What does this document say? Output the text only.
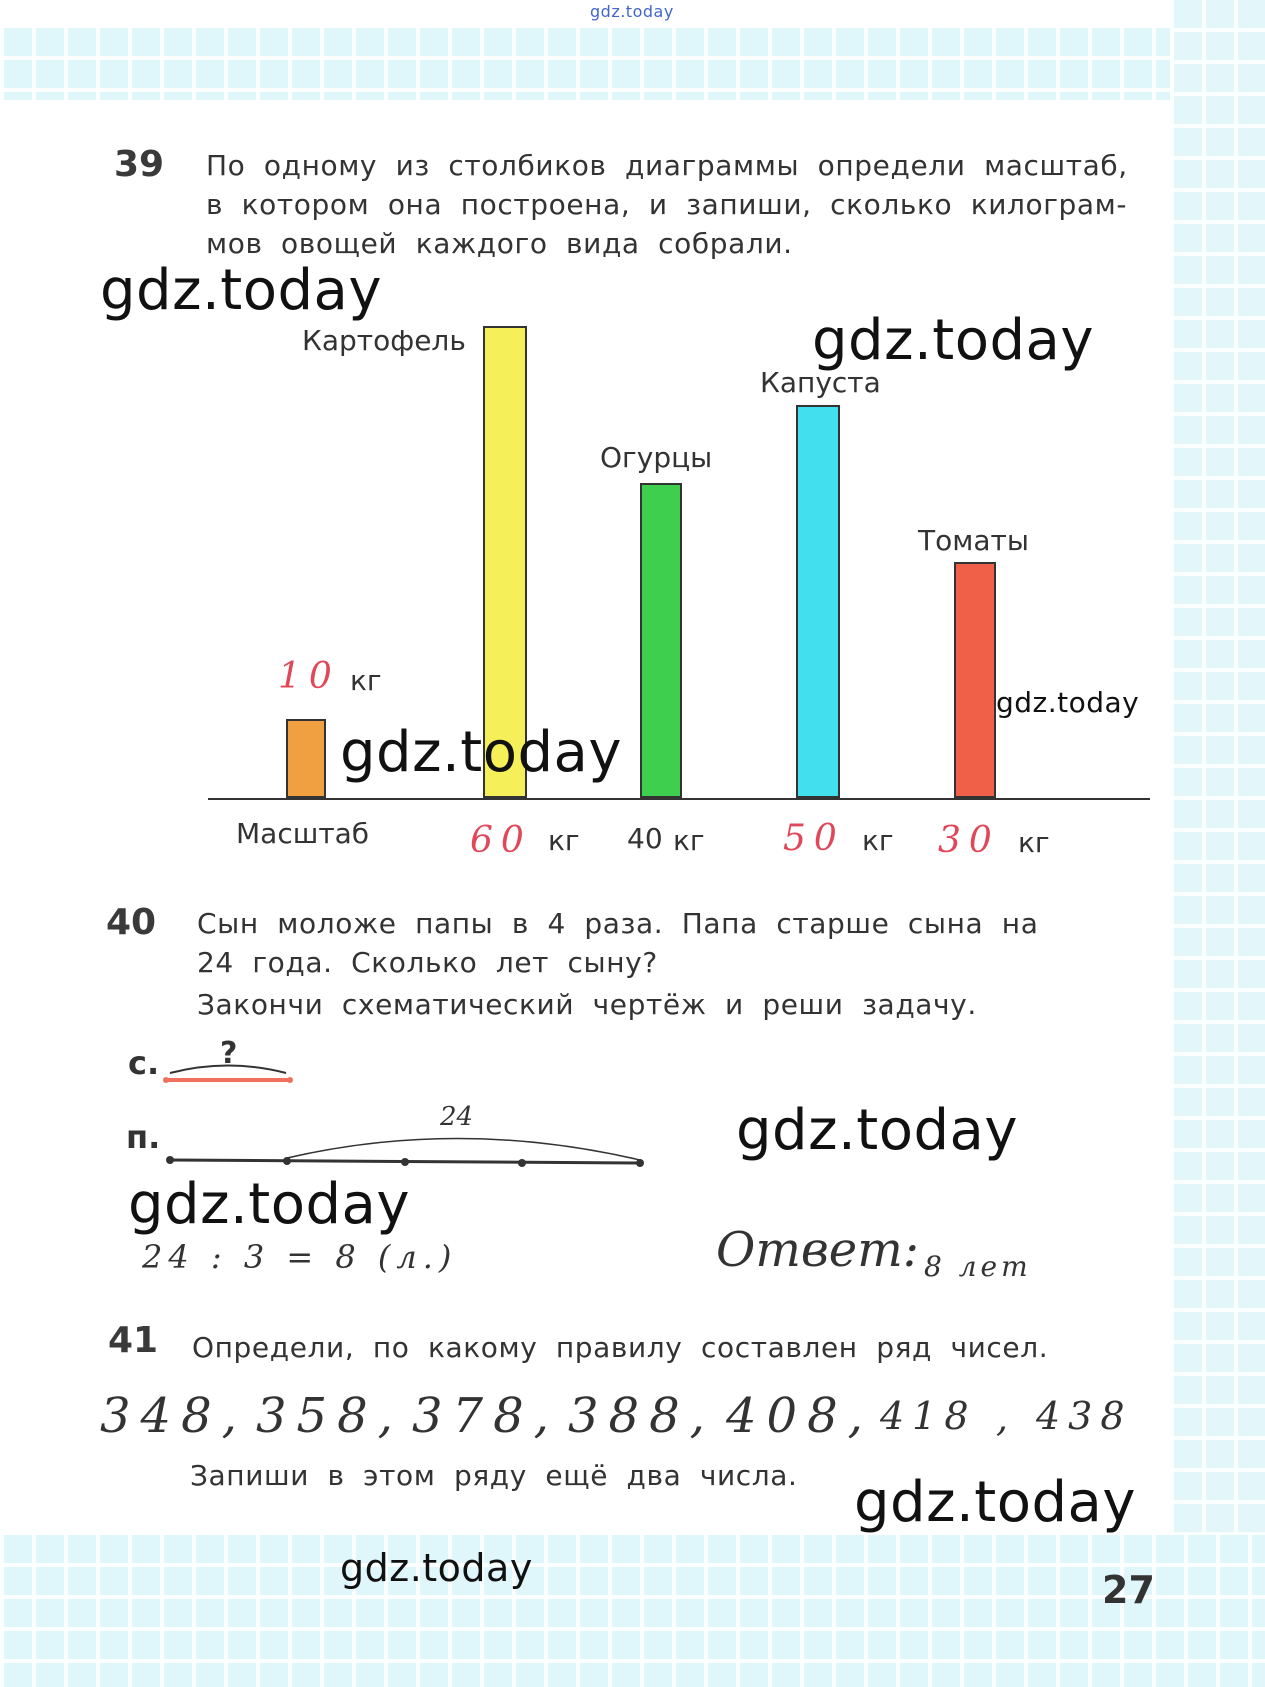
gdz.today
39 По одному из столбиков диаграммы определи масштаб,
в котором она построена, и запиши, сколько килограм-
мов овощей каждого вида собрали.
Картофель
Огурцы
Капуста
Томаты
10 кг
Масштаб	60 кг 40 кг 50 кг 30 кг
gdz.today
gdz.today
gdz.today
gdz.today
gdz.today
gdz.today
gdz.today
gdz.today
40 Сын моложе папы в 4 раза. Папа старше сына на
24 года. Сколько лет сыну?
Закончи схематический чертёж и реши задачу.
с. ?
п.
24
24 : 3 = 8 (л.)	Ответ: 8 лет
41 Определи, по какому правилу составлен ряд чисел.
348, 358, 378, 388, 408, 418 , 438
Запиши в этом ряду ещё два числа.
27
